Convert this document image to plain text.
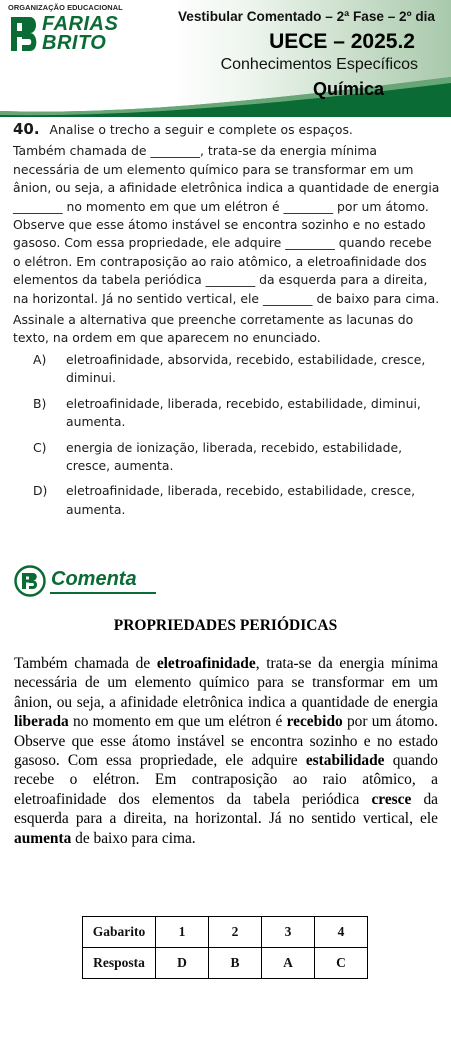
ORGANIZAÇÃO EDUCACIONAL
FARIAS
BRITO
Vestibular Comentado – 2ª Fase – 2º dia
UECE – 2025.2
Conhecimentos Específicos
Química
40. Analise o trecho a seguir e complete os espaços.
Também chamada de ________, trata-se da energia mínima necessária de um elemento químico para se transformar em um ânion, ou seja, a afinidade eletrônica indica a quantidade de energia ________ no momento em que um elétron é ________ por um átomo. Observe que esse átomo instável se encontra sozinho e no estado gasoso. Com essa propriedade, ele adquire ________ quando recebe o elétron. Em contraposição ao raio atômico, a eletroafinidade dos elementos da tabela periódica ________ da esquerda para a direita, na horizontal. Já no sentido vertical, ele ________ de baixo para cima.
Assinale a alternativa que preenche corretamente as lacunas do texto, na ordem em que aparecem no enunciado.
A)	eletroafinidade, absorvida, recebido, estabilidade, cresce, diminui.
B)	eletroafinidade, liberada, recebido, estabilidade, diminui, aumenta.
C)	energia de ionização, liberada, recebido, estabilidade, cresce, aumenta.
D)	eletroafinidade, liberada, recebido, estabilidade, cresce, aumenta.
Comenta
PROPRIEDADES PERIÓDICAS
Também chamada de eletroafinidade, trata-se da energia mínima necessária de um elemento químico para se transformar em um ânion, ou seja, a afinidade eletrônica indica a quantidade de energia liberada no momento em que um elétron é recebido por um átomo. Observe que esse átomo instável se encontra sozinho e no estado gasoso. Com essa propriedade, ele adquire estabilidade quando recebe o elétron. Em contraposição ao raio atômico, a eletroafinidade dos elementos da tabela periódica cresce da esquerda para a direita, na horizontal. Já no sentido vertical, ele aumenta de baixo para cima.
Gabarito	1	2	3	4
Resposta	D	B	A	C
